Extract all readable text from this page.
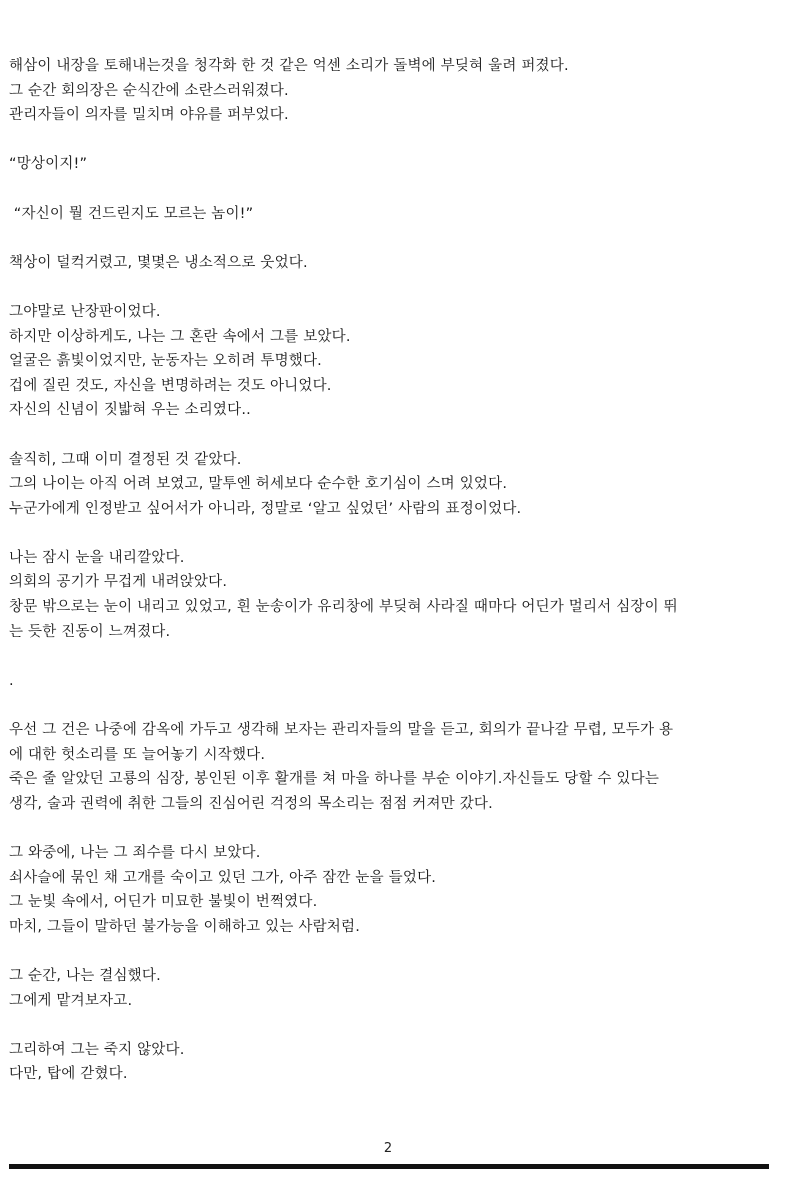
해삼이 내장을 토해내는것을 청각화 한 것 같은 억센 소리가 돌벽에 부딪혀 울려 퍼졌다.
그 순간 회의장은 순식간에 소란스러워졌다.
관리자들이 의자를 밀치며 야유를 퍼부었다.
“망상이지!”
“자신이 뭘 건드린지도 모르는 놈이!”
책상이 덜컥거렸고, 몇몇은 냉소적으로 웃었다.
그야말로 난장판이었다.
하지만 이상하게도, 나는 그 혼란 속에서 그를 보았다.
얼굴은 흙빛이었지만, 눈동자는 오히려 투명했다.
겁에 질린 것도, 자신을 변명하려는 것도 아니었다.
자신의 신념이 짓밟혀 우는 소리였다..
솔직히, 그때 이미 결정된 것 같았다.
그의 나이는 아직 어려 보였고, 말투엔 허세보다 순수한 호기심이 스며 있었다.
누군가에게 인정받고 싶어서가 아니라, 정말로 ‘알고 싶었던’ 사람의 표정이었다.
나는 잠시 눈을 내리깔았다.
의회의 공기가 무겁게 내려앉았다.
창문 밖으로는 눈이 내리고 있었고, 흰 눈송이가 유리창에 부딪혀 사라질 때마다 어딘가 멀리서 심장이 뛰
는 듯한 진동이 느껴졌다.
.
우선 그 건은 나중에 감옥에 가두고 생각해 보자는 관리자들의 말을 듣고, 회의가 끝나갈 무렵, 모두가 용
에 대한 헛소리를 또 늘어놓기 시작했다.
죽은 줄 알았던 고룡의 심장, 봉인된 이후 활개를 쳐 마을 하나를 부순 이야기.자신들도 당할 수 있다는
생각, 술과 권력에 취한 그들의 진심어린 걱정의 목소리는 점점 커져만 갔다.
그 와중에, 나는 그 죄수를 다시 보았다.
쇠사슬에 묶인 채 고개를 숙이고 있던 그가, 아주 잠깐 눈을 들었다.
그 눈빛 속에서, 어딘가 미묘한 불빛이 번쩍였다.
마치, 그들이 말하던 불가능을 이해하고 있는 사람처럼.
그 순간, 나는 결심했다.
그에게 맡겨보자고.
그리하여 그는 죽지 않았다.
다만, 탑에 갇혔다.
2
